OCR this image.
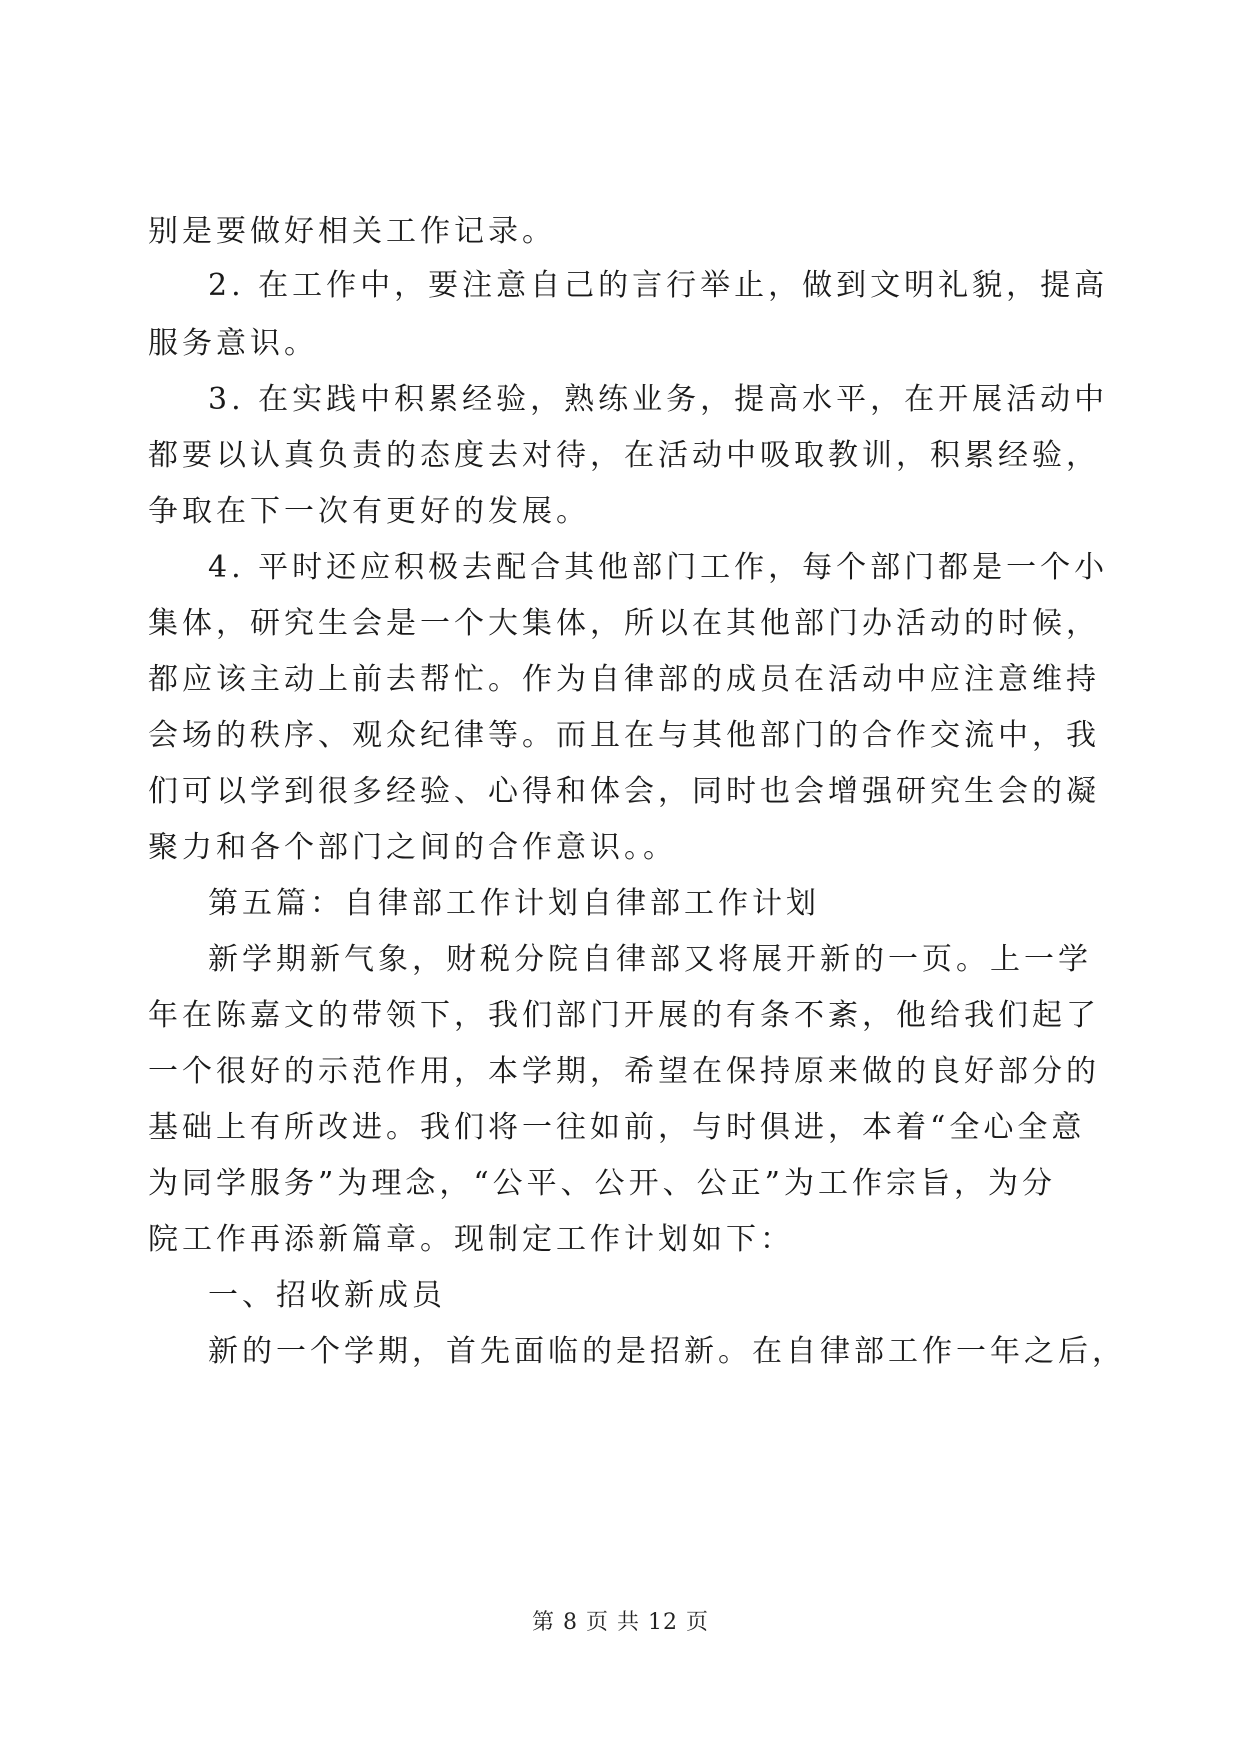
别是要做好相关工作记录。
2. 在工作中，要注意自己的言行举止，做到文明礼貌，提高
服务意识。
3. 在实践中积累经验，熟练业务，提高水平，在开展活动中
都要以认真负责的态度去对待，在活动中吸取教训，积累经验，
争取在下一次有更好的发展。
4. 平时还应积极去配合其他部门工作，每个部门都是一个小
集体，研究生会是一个大集体，所以在其他部门办活动的时候，
都应该主动上前去帮忙。作为自律部的成员在活动中应注意维持
会场的秩序、观众纪律等。而且在与其他部门的合作交流中，我
们可以学到很多经验、心得和体会，同时也会增强研究生会的凝
聚力和各个部门之间的合作意识。。
第五篇：自律部工作计划自律部工作计划
新学期新气象，财税分院自律部又将展开新的一页。上一学
年在陈嘉文的带领下，我们部门开展的有条不紊，他给我们起了
一个很好的示范作用，本学期，希望在保持原来做的良好部分的
基础上有所改进。我们将一往如前，与时俱进，本着“全心全意
为同学服务”为理念，“公平、公开、公正”为工作宗旨，为分
院工作再添新篇章。现制定工作计划如下：
一、招收新成员
新的一个学期，首先面临的是招新。在自律部工作一年之后，
第 8 页 共 12 页
